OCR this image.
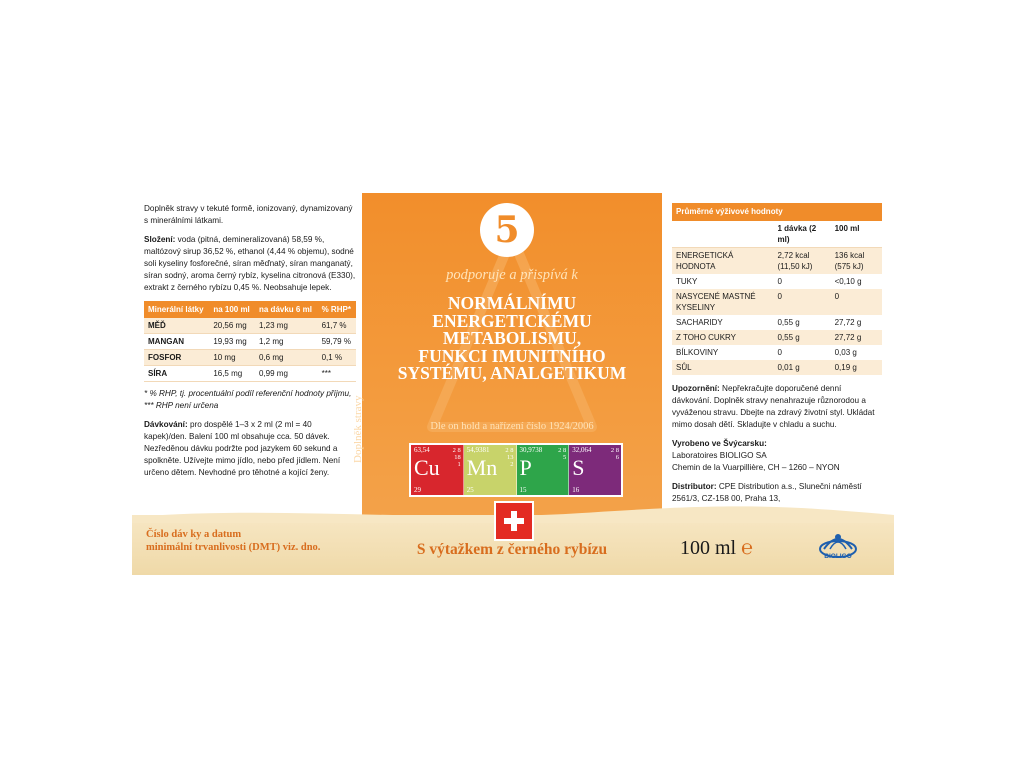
Doplněk stravy v tekuté formě, ionizovaný, dynamizovaný s minerálními látkami.

Složení: voda (pitná, demineralizovaná) 58,59 %, maltózový sirup 36,52 %, ethanol (4,44 % objemu), sodné soli kyseliny fosforečné, síran měďnatý, síran manganatý, síran sodný, aroma černý rybíz, kyselina citronová (E330), extrakt z černého rybízu 0,45 %. Neobsahuje lepek.

Minerální látky	na 100 ml	na dávku 6 ml	% RHP*
MĚĎ	20,56 mg	1,23 mg	61,7 %
MANGAN	19,93 mg	1,2 mg	59,79 %
FOSFOR	10 mg	0,6 mg	0,1 %
SÍRA	16,5 mg	0,99 mg	***

* % RHP, tj. procentuální podíl referenční hodnoty příjmu, *** RHP není určena

Dávkování: pro dospělé 1–3 x 2 ml (2 ml = 40 kapek)/den. Balení 100 ml obsahuje cca. 50 dávek. Nezředěnou dávku podržte pod jazykem 60 sekund a spolkněte. Užívejte mimo jídlo, nebo před jídlem. Není určeno dětem. Nevhodné pro těhotné a kojící ženy.

5
podporuje a přispívá k
NORMÁLNÍMU
ENERGETICKÉMU
METABOLISMU,
FUNKCI IMUNITNÍHO
SYSTÉMU, ANALGETIKUM
Dle on hold a nařízení číslo 1924/2006
Doplněk stravy	63,54
Cu
29
2 8 18 1
54,9381
Mn
25
2 8 13 2
30,9738
P
15
2 8 5
32,064
S
16
2 8 6
Průměrné výživové hodnoty		
	1 dávka (2 ml)	100 ml
ENERGETICKÁ HODNOTA	2,72 kcal (11,50 kJ)	136 kcal (575 kJ)
TUKY	0	<0,10 g
NASYCENÉ MASTNÉ KYSELINY	0	0
SACHARIDY	0,55 g	27,72 g
Z TOHO CUKRY	0,55 g	27,72 g
BÍLKOVINY	0	0,03 g
SŮL	0,01 g	0,19 g

Upozornění: Nepřekračujte doporučené denní dávkování. Doplněk stravy nenahrazuje různorodou a vyváženou stravu. Dbejte na zdravý životní styl. Ukládat mimo dosah dětí. Skladujte v chladu a suchu.

Vyrobeno ve Švýcarsku:
Laboratoires BIOLIGO SA
Chemin de la Vuarpillière, CH – 1260 – NYON

Distributor: CPE Distribution a.s., Slunečni náměstí 2561/3, CZ-158 00, Praha 13,

Číslo dáv ky a datum
minimální trvanlivosti (DMT) viz. dno.	S výtažkem z černého rybízu	100 ml ℮	BIOLIGO
